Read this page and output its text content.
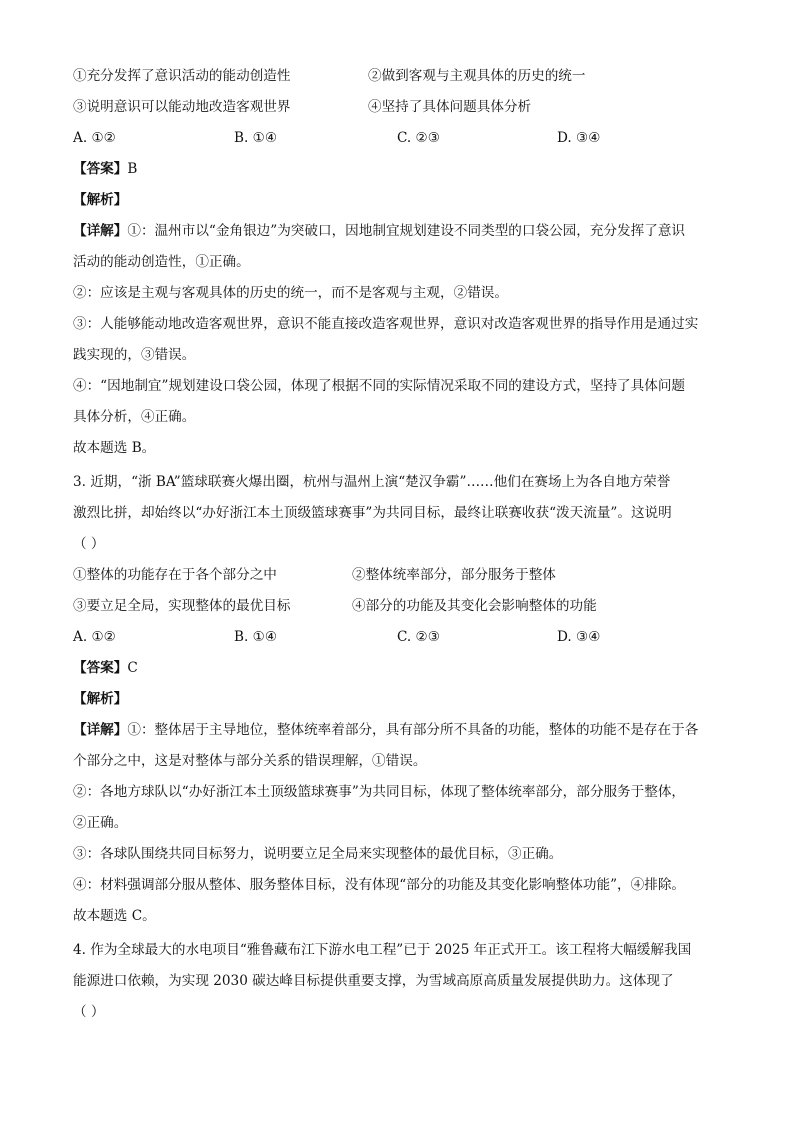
①充分发挥了意识活动的能动创造性	②做到客观与主观具体的历史的统一
③说明意识可以能动地改造客观世界	④坚持了具体问题具体分析
A. ①②	B. ①④	C. ②③	D. ③④
【答案】B
【解析】
【详解】①：温州市以“金角银边”为突破口，因地制宜规划建设不同类型的口袋公园，充分发挥了意识
活动的能动创造性，①正确。
②：应该是主观与客观具体的历史的统一，而不是客观与主观，②错误。
③：人能够能动地改造客观世界，意识不能直接改造客观世界，意识对改造客观世界的指导作用是通过实
践实现的，③错误。
④：“因地制宜”规划建设口袋公园，体现了根据不同的实际情况采取不同的建设方式，坚持了具体问题
具体分析，④正确。
故本题选 B。
3. 近期，“浙 BA”篮球联赛火爆出圈，杭州与温州上演“楚汉争霸”……他们在赛场上为各自地方荣誉
激烈比拼，却始终以“办好浙江本土顶级篮球赛事”为共同目标，最终让联赛收获“泼天流量”。这说明
（ ）
①整体的功能存在于各个部分之中	②整体统率部分，部分服务于整体
③要立足全局，实现整体的最优目标	④部分的功能及其变化会影响整体的功能
A. ①②	B. ①④	C. ②③	D. ③④
【答案】C
【解析】
【详解】①：整体居于主导地位，整体统率着部分，具有部分所不具备的功能，整体的功能不是存在于各
个部分之中，这是对整体与部分关系的错误理解，①错误。
②：各地方球队以“办好浙江本土顶级篮球赛事”为共同目标，体现了整体统率部分，部分服务于整体，
②正确。
③：各球队围绕共同目标努力，说明要立足全局来实现整体的最优目标，③正确。
④：材料强调部分服从整体、服务整体目标，没有体现“部分的功能及其变化影响整体功能”，④排除。
故本题选 C。
4. 作为全球最大的水电项目“雅鲁藏布江下游水电工程”已于 2025 年正式开工。该工程将大幅缓解我国
能源进口依赖，为实现 2030 碳达峰目标提供重要支撑，为雪域高原高质量发展提供助力。这体现了
（ ）
